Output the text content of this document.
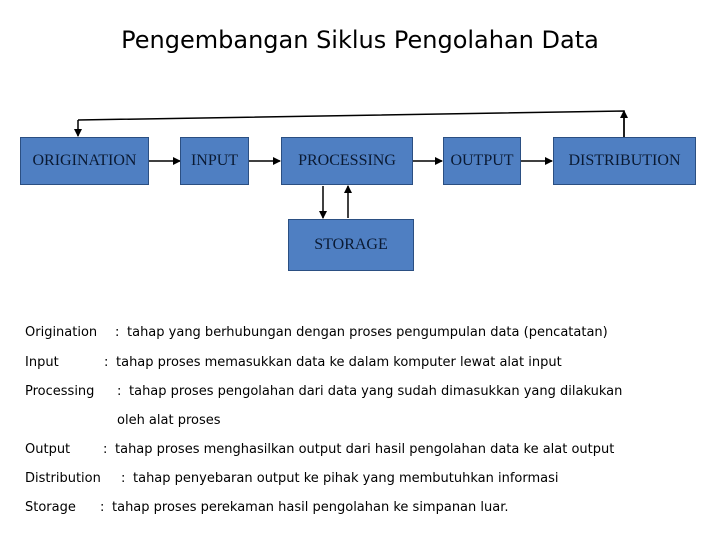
Pengembangan Siklus Pengolahan Data
ORIGINATION	INPUT	PROCESSING	OUTPUT	DISTRIBUTION
STORAGE
Origination : tahap yang berhubungan dengan proses pengumpulan data (pencatatan)
Input	: tahap proses memasukkan data ke dalam komputer lewat alat input
Processing : tahap proses pengolahan dari data yang sudah dimasukkan yang dilakukan
oleh alat proses
Output	: tahap proses menghasilkan output dari hasil pengolahan data ke alat output
Distribution : tahap penyebaran output ke pihak yang membutuhkan informasi
Storage : tahap proses perekaman hasil pengolahan ke simpanan luar.
